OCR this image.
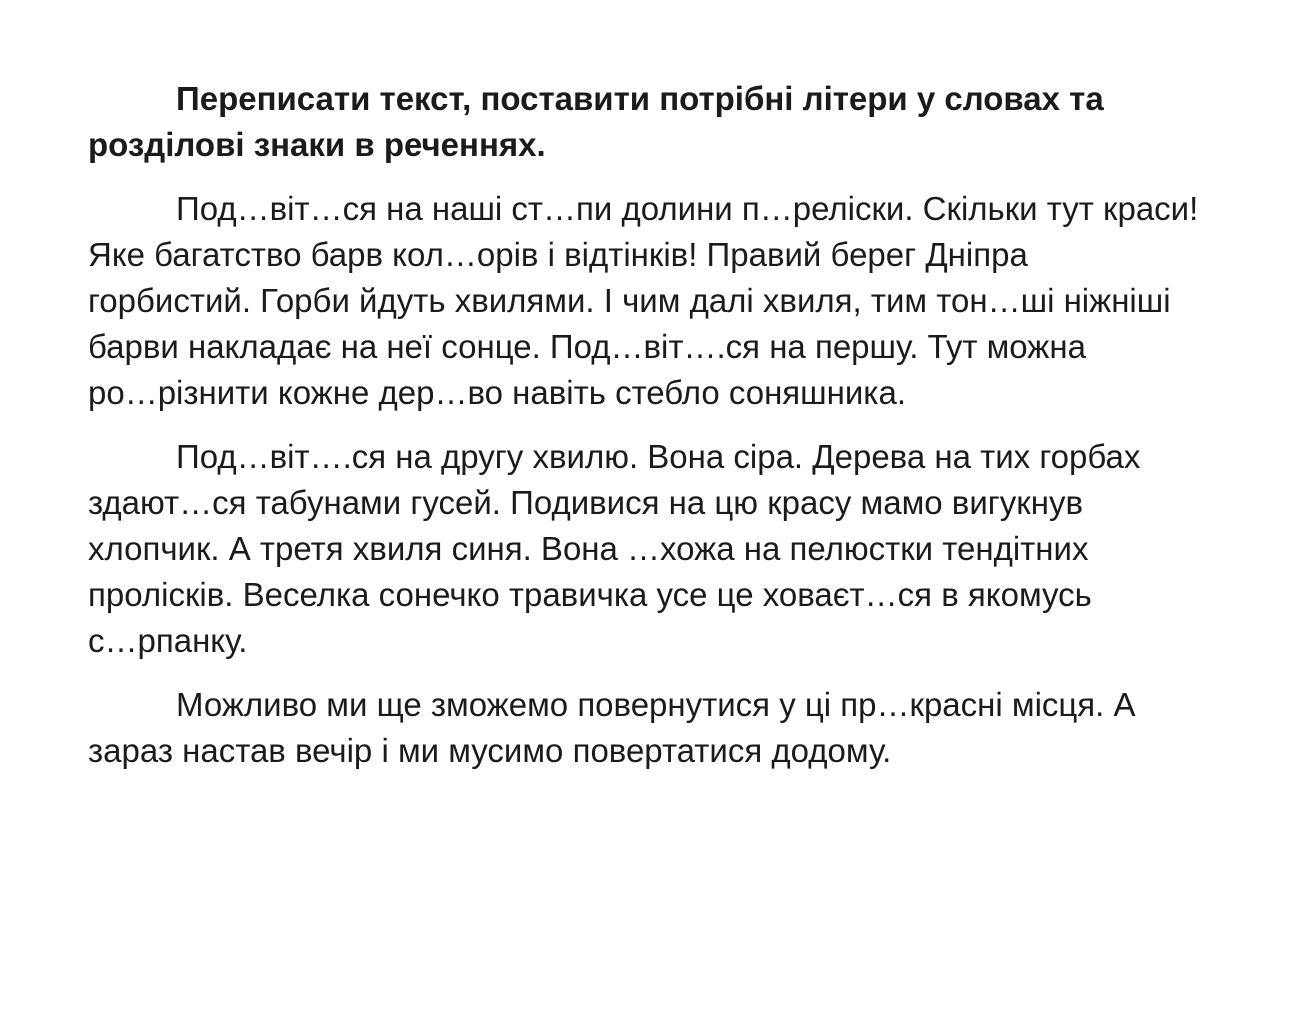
Переписати текст, поставити потрібні літери у словах та
розділові знаки в реченнях.
Под…віт…ся на наші ст…пи долини п…реліски. Скільки тут краси!
Яке багатство барв кол…орів і відтінків! Правий берег Дніпра
горбистий. Горби йдуть хвилями. І чим далі хвиля, тим тон…ші ніжніші
барви накладає на неї сонце. Под…віт….ся на першу. Тут можна
ро…різнити кожне дер…во навіть стебло соняшника.
Под…віт….ся на другу хвилю. Вона сіра. Дерева на тих горбах
здают…ся табунами гусей. Подивися на цю красу мамо вигукнув
хлопчик. А третя хвиля синя. Вона …хожа на пелюстки тендітних
пролісків. Веселка сонечко травичка усе це ховаєт…ся в якомусь
с…рпанку.
Можливо ми ще зможемо повернутися у ці пр…красні місця. А
зараз настав вечір і ми мусимо повертатися додому.
